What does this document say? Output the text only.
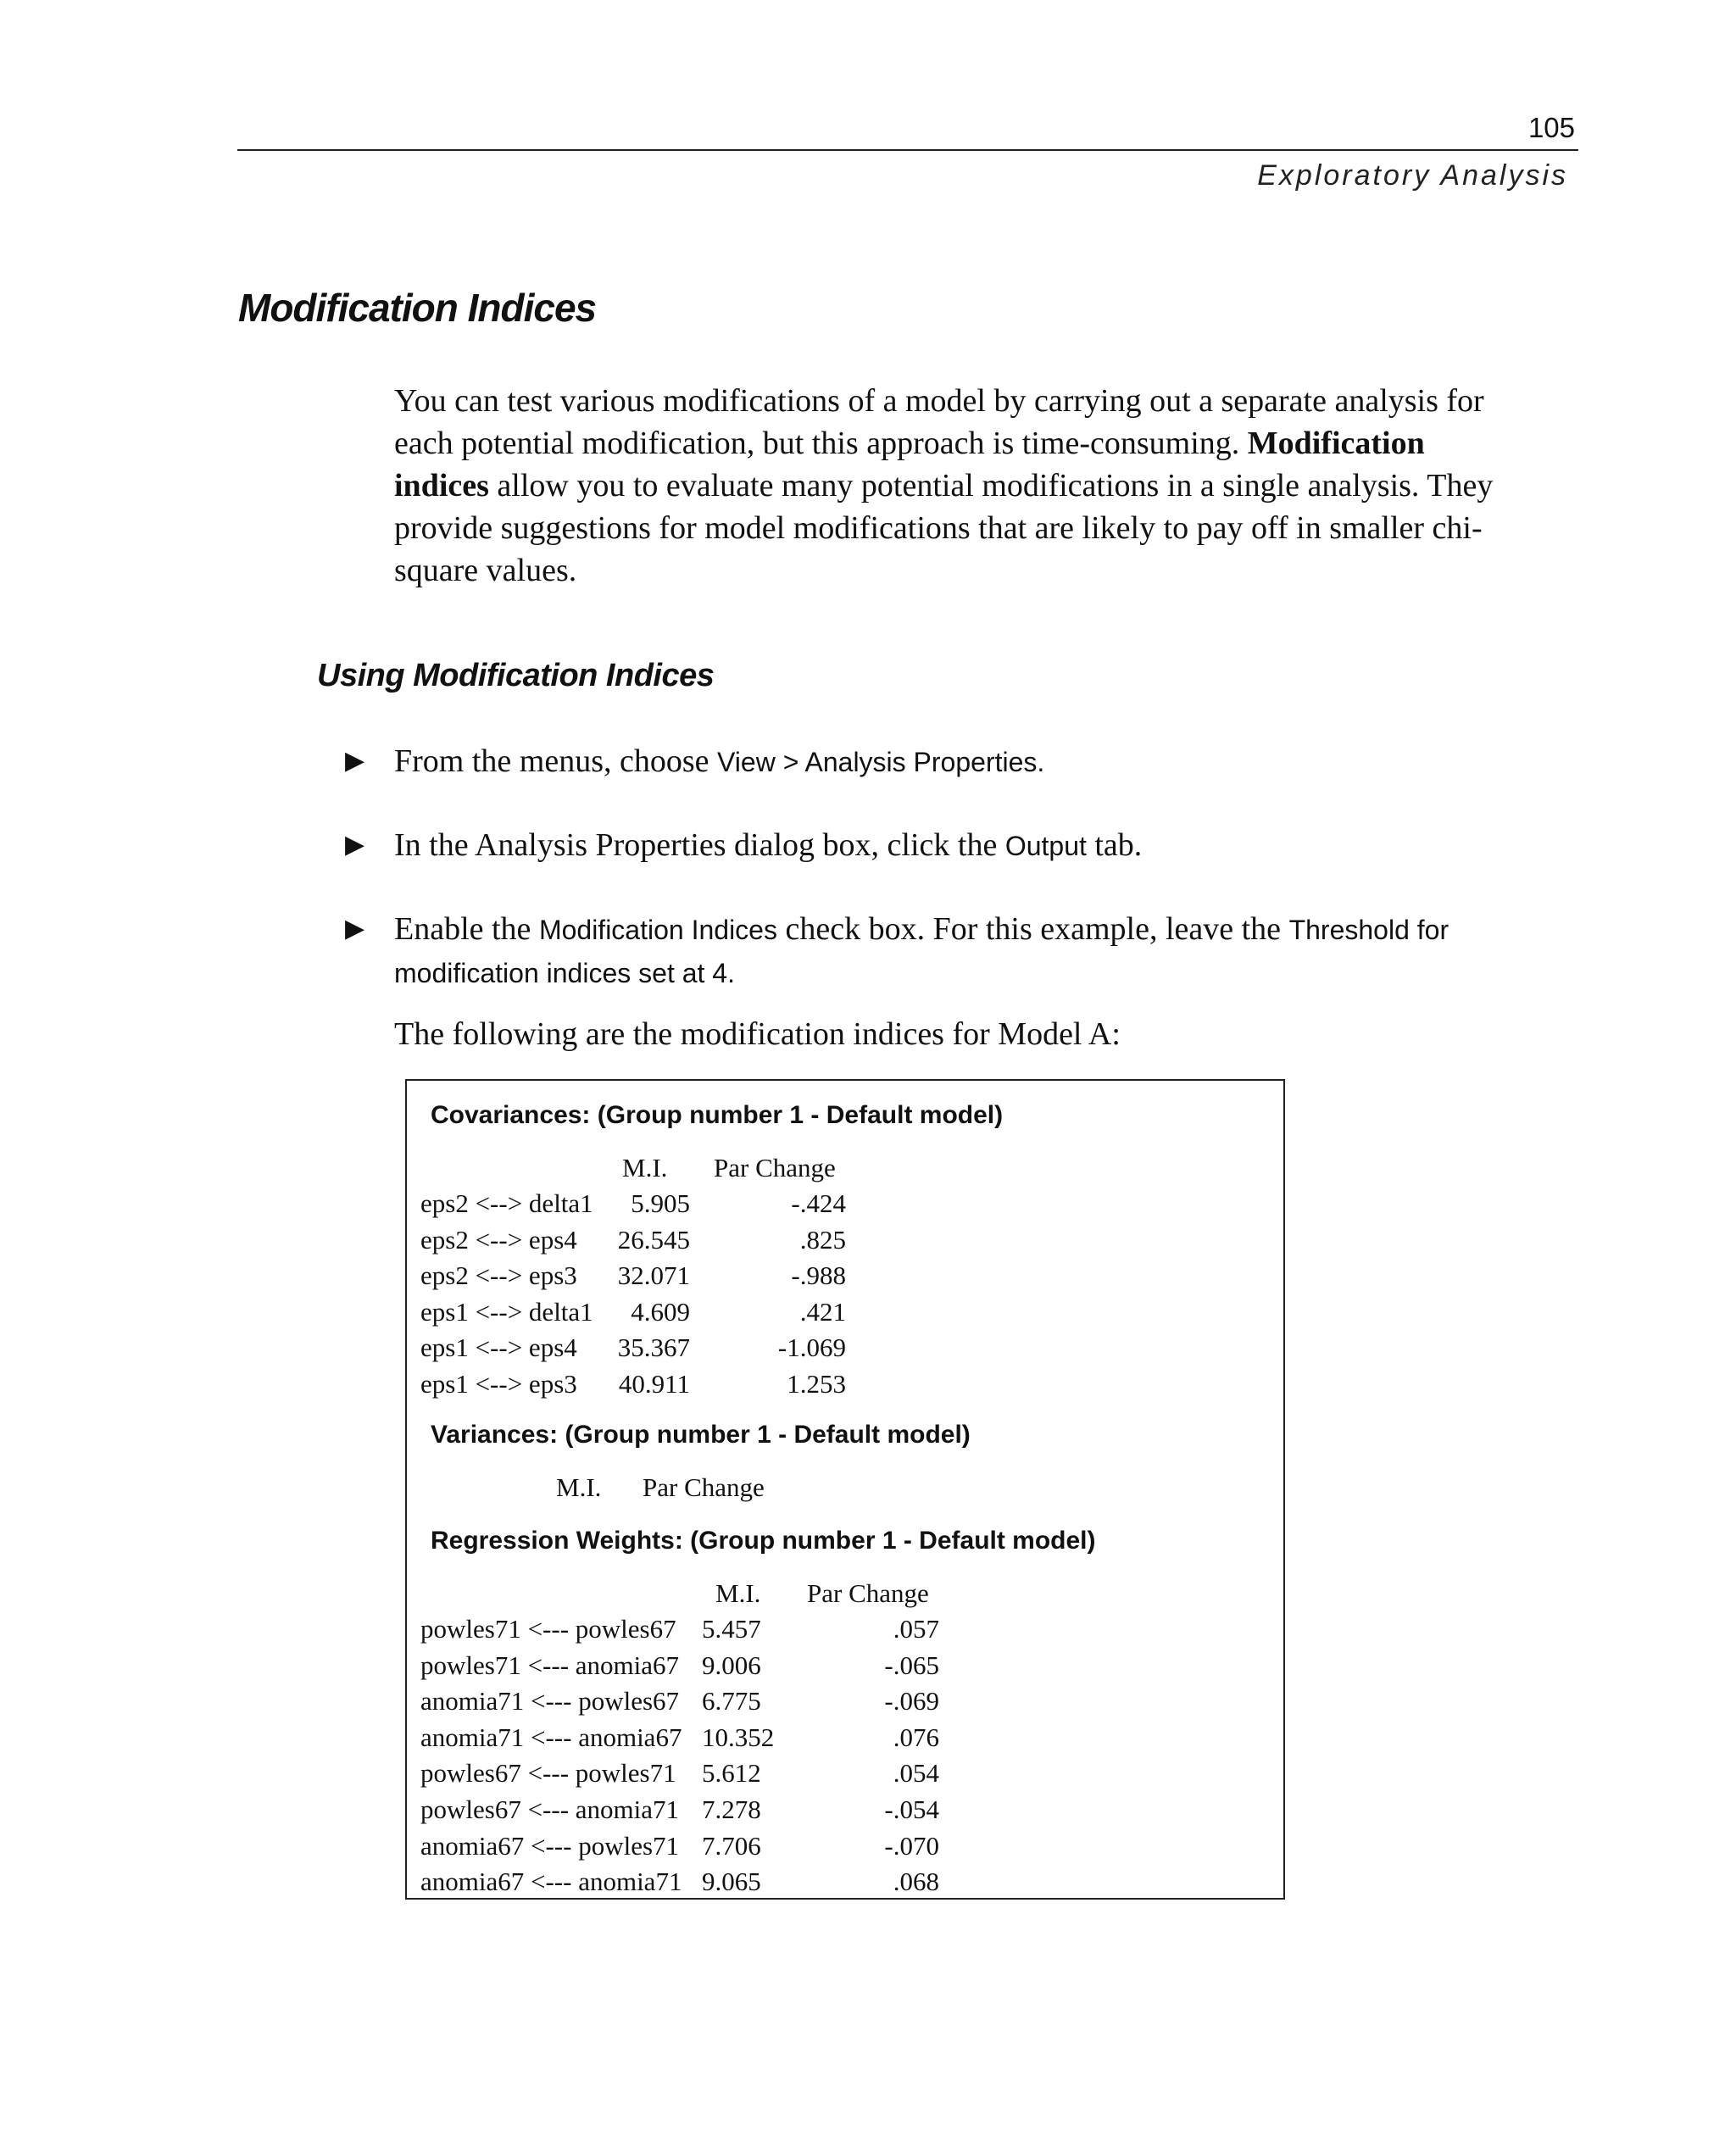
105
Exploratory Analysis
Modification Indices

You can test various modifications of a model by carrying out a separate analysis for
each potential modification, but this approach is time-consuming. Modification
indices allow you to evaluate many potential modifications in a single analysis. They
provide suggestions for model modifications that are likely to pay off in smaller chi-
square values.

Using Modification Indices
▶ From the menus, choose View > Analysis Properties.
▶ In the Analysis Properties dialog box, click the Output tab.
▶ Enable the Modification Indices check box. For this example, leave the Threshold for
modification indices set at 4.
The following are the modification indices for Model A:
Covariances: (Group number 1 - Default model)
M.I. Par Change
eps2 <--> delta1
eps2 <--> eps4
eps2 <--> eps3
eps1 <--> delta1
eps1 <--> eps4
eps1 <--> eps3
5.905
26.545
32.071
4.609
35.367
40.911
-.424
.825
-.988
.421
-1.069
1.253
Variances: (Group number 1 - Default model)
M.I. Par Change
Regression Weights: (Group number 1 - Default model)
M.I. Par Change
powles71 <--- powles67
powles71 <--- anomia67
anomia71 <--- powles67
anomia71 <--- anomia67
powles67 <--- powles71
powles67 <--- anomia71
anomia67 <--- powles71
anomia67 <--- anomia71
5.457
9.006
6.775
10.352
5.612
7.278
7.706
9.065
.057
-.065
-.069
.076
.054
-.054
-.070
.068
